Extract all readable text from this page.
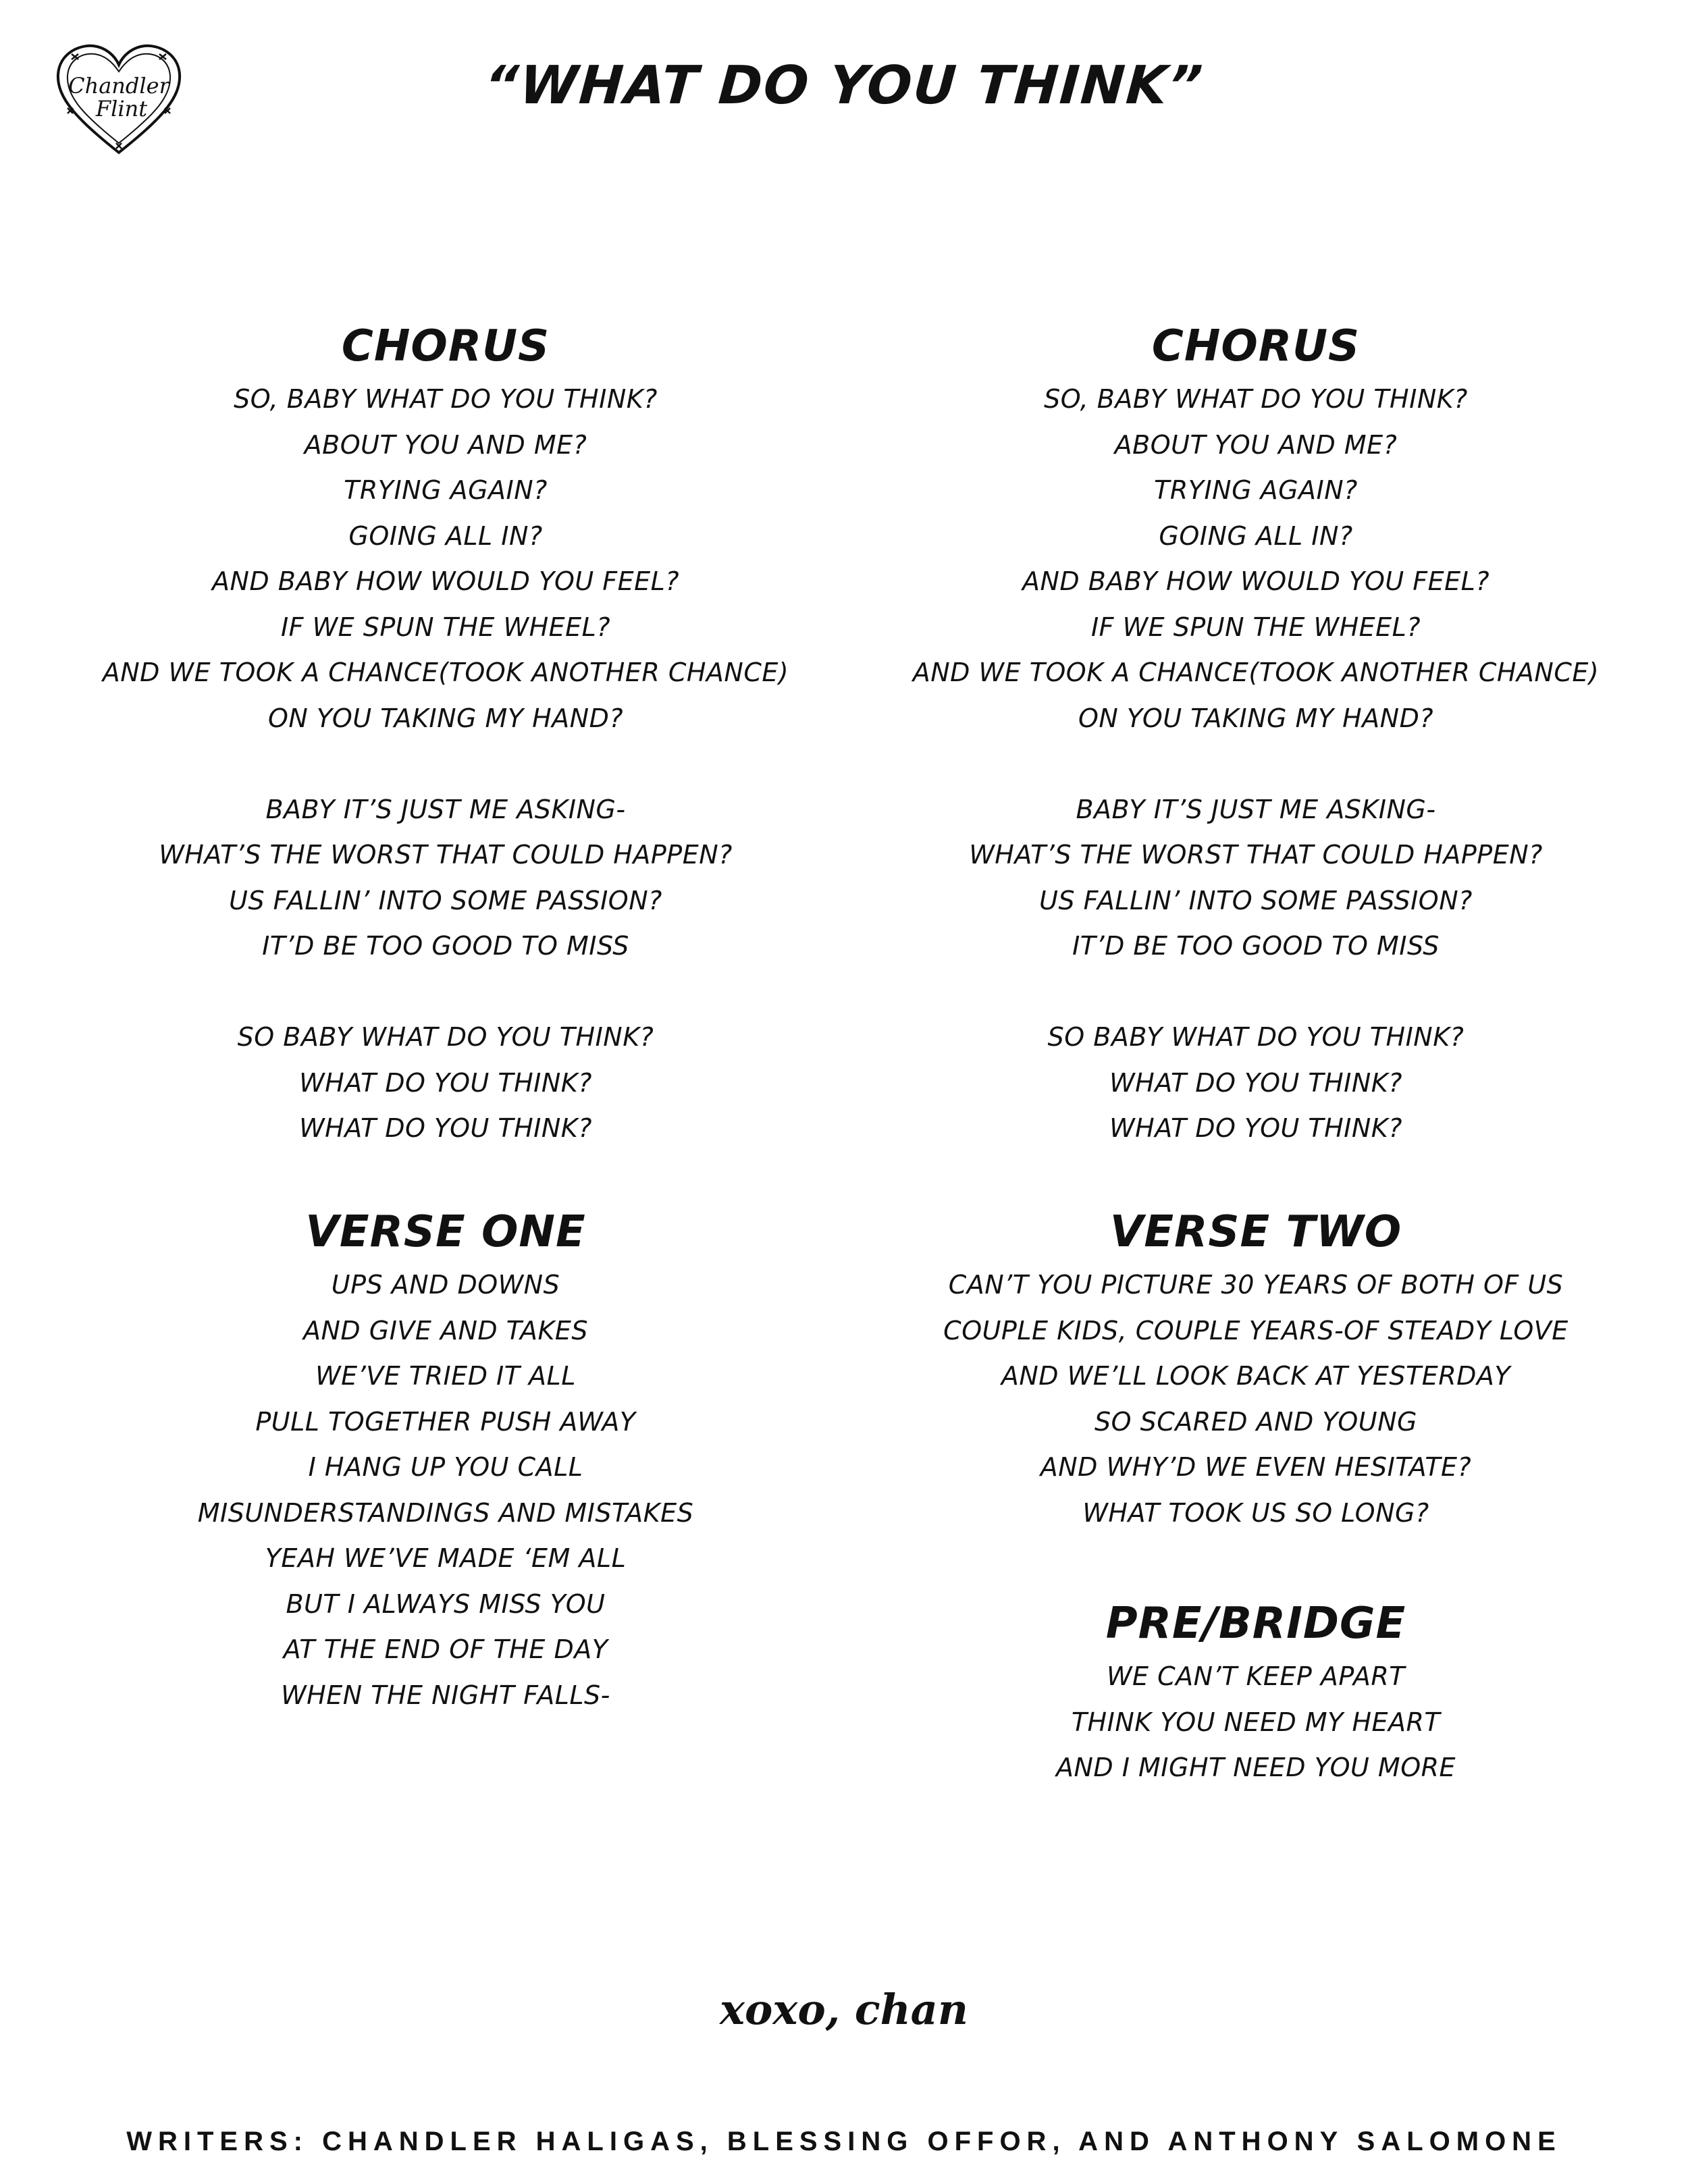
Chandler
Flint	“WHAT DO YOU THINK”
CHORUS
SO, BABY WHAT DO YOU THINK?
ABOUT YOU AND ME?
TRYING AGAIN?
GOING ALL IN?
AND BABY HOW WOULD YOU FEEL?
IF WE SPUN THE WHEEL?
AND WE TOOK A CHANCE(TOOK ANOTHER CHANCE)
ON YOU TAKING MY HAND?
BABY IT’S JUST ME ASKING-
WHAT’S THE WORST THAT COULD HAPPEN?
US FALLIN’ INTO SOME PASSION?
IT’D BE TOO GOOD TO MISS
SO BABY WHAT DO YOU THINK?
WHAT DO YOU THINK?
WHAT DO YOU THINK?
VERSE ONE
UPS AND DOWNS
AND GIVE AND TAKES
WE’VE TRIED IT ALL
PULL TOGETHER PUSH AWAY
I HANG UP YOU CALL
MISUNDERSTANDINGS AND MISTAKES
YEAH WE’VE MADE ‘EM ALL
BUT I ALWAYS MISS YOU
AT THE END OF THE DAY
WHEN THE NIGHT FALLS-
CHORUS
SO, BABY WHAT DO YOU THINK?
ABOUT YOU AND ME?
TRYING AGAIN?
GOING ALL IN?
AND BABY HOW WOULD YOU FEEL?
IF WE SPUN THE WHEEL?
AND WE TOOK A CHANCE(TOOK ANOTHER CHANCE)
ON YOU TAKING MY HAND?
BABY IT’S JUST ME ASKING-
WHAT’S THE WORST THAT COULD HAPPEN?
US FALLIN’ INTO SOME PASSION?
IT’D BE TOO GOOD TO MISS
SO BABY WHAT DO YOU THINK?
WHAT DO YOU THINK?
WHAT DO YOU THINK?
VERSE TWO
CAN’T YOU PICTURE 30 YEARS OF BOTH OF US
COUPLE KIDS, COUPLE YEARS-OF STEADY LOVE
AND WE’LL LOOK BACK AT YESTERDAY
SO SCARED AND YOUNG
AND WHY’D WE EVEN HESITATE?
WHAT TOOK US SO LONG?
PRE/BRIDGE
WE CAN’T KEEP APART
THINK YOU NEED MY HEART
AND I MIGHT NEED YOU MORE
xoxo, chan
WRITERS: CHANDLER HALIGAS, BLESSING OFFOR, AND ANTHONY SALOMONE
